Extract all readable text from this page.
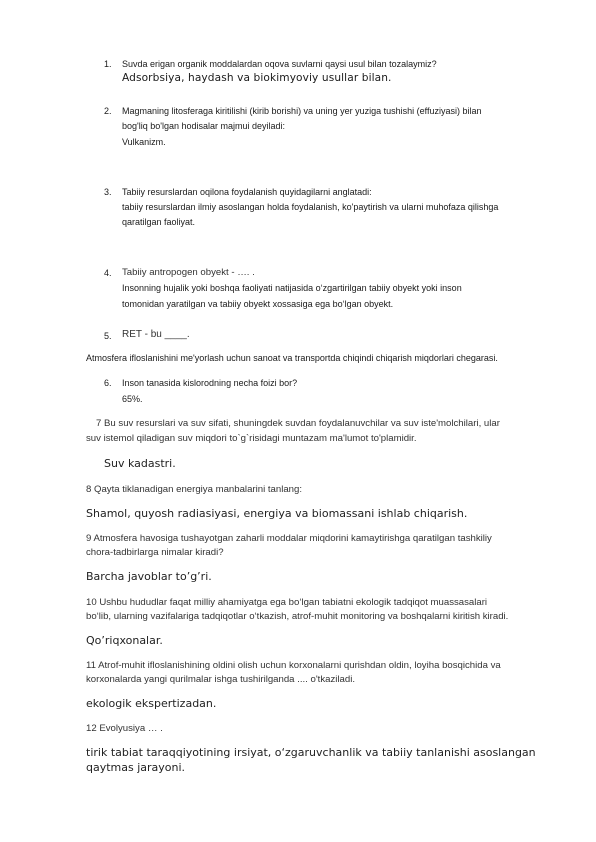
1. Suvda erigan organik moddalardan oqova suvlarni qaysi usul bilan tozalaymiz?
Adsorbsiya, haydash va biokimyoviy usullar bilan.
2. Magmaning litosferaga kiritilishi (kirib borishi) va uning yer yuziga tushishi (effuziyasi) bilan
bog'liq bo'lgan hodisalar majmui deyiladi:
Vulkanizm.
3. Tabiiy resurslardan oqilona foydalanish quyidagilarni anglatadi:
tabiiy resurslardan ilmiy asoslangan holda foydalanish, ko'paytirish va ularni muhofaza qilishga
qaratilgan faoliyat.
4. Tabiiy antropogen obyekt - …. .
Insonning hujalik yoki boshqa faoliyati natijasida o‘zgartirilgan tabiiy obyekt yoki inson
tomonidan yaratilgan va tabiiy obyekt xossasiga ega bo‘lgan obyekt.
5. RET - bu ____.
Atmosfera ifloslanishini me'yorlash uchun sanoat va transportda chiqindi chiqarish miqdorlari chegarasi.
6. Inson tanasida kislorodning necha foizi bor?
65%.
7 Bu suv resurslari va suv sifati, shuningdek suvdan foydalanuvchilar va suv iste'molchilari, ular
suv istemol qiladigan suv miqdori to`g`risidagi muntazam ma'lumot to'plamidir.
Suv kadastri.
8 Qayta tiklanadigan energiya manbalarini tanlang:
Shamol, quyosh radiasiyasi, energiya va biomassani ishlab chiqarish.
9 Atmosfera havosiga tushayotgan zaharli moddalar miqdorini kamaytirishga qaratilgan tashkiliy
chora-tadbirlarga nimalar kiradi?
Barcha javoblar to’g’ri.
10 Ushbu hududlar faqat milliy ahamiyatga ega bo‘lgan tabiatni ekologik tadqiqot muassasalari
bo‘lib, ularning vazifalariga tadqiqotlar o‘tkazish, atrof-muhit monitoring va boshqalarni kiritish kiradi.
Qo’riqxonalar.
11 Atrof-muhit ifloslanishining oldini olish uchun korxonalarni qurishdan oldin, loyiha bosqichida va
korxonalarda yangi qurilmalar ishga tushirilganda .... o'tkaziladi.
ekologik ekspertizadan.
12 Evolyusiya … .
tirik tabiat taraqqiyotining irsiyat, o‘zgaruvchanlik va tabiiy tanlanishi asoslangan
qaytmas jarayoni.
